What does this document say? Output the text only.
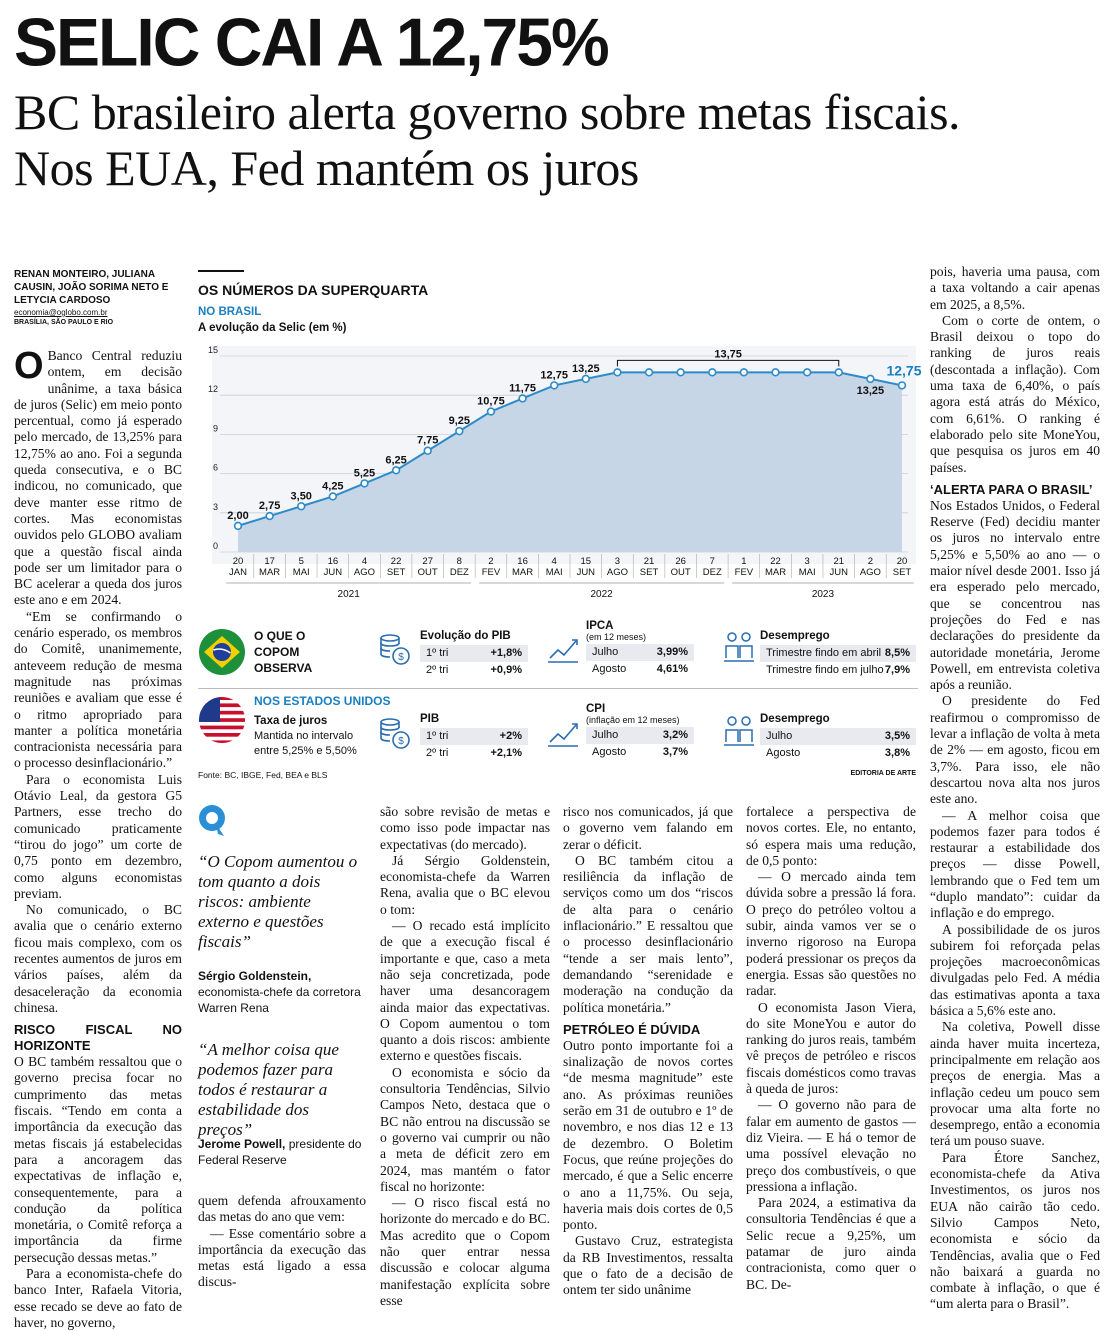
SELIC CAI A 12,75%
BC brasileiro alerta governo sobre metas fiscais. Nos EUA, Fed mantém os juros
RENAN MONTEIRO, JULIANA CAUSIN, JOÃO SORIMA NETO E LETYCIA CARDOSO
economia@oglobo.com.br
BRASÍLIA, SÃO PAULO E RIO

O Banco Central reduziu ontem, em decisão unânime, a taxa básica de juros (Selic) em meio ponto percentual, como já esperado pelo mercado, de 13,25% para 12,75% ao ano. Foi a segunda queda consecutiva, e o BC indicou, no comunicado, que deve manter esse ritmo de cortes. Mas economistas ouvidos pelo GLOBO avaliam que a questão fiscal ainda pode ser um limitador para o BC acelerar a queda dos juros este ano e em 2024.

“Em se confirmando o cenário esperado, os membros do Comitê, unanimemente, anteveem redução de mesma magnitude nas próximas reuniões e avaliam que esse é o ritmo apropriado para manter a política monetária contracionista necessária para o processo desinflacionário.”

Para o economista Luis Otávio Leal, da gestora G5 Partners, esse trecho do comunicado praticamente “tirou do jogo” um corte de 0,75 ponto em dezembro, como alguns economistas previam.

No comunicado, o BC avalia que o cenário externo ficou mais complexo, com os recentes aumentos de juros em vários países, além da desaceleração da economia chinesa.

RISCO FISCAL NO HORIZONTE

O BC também ressaltou que o governo precisa focar no cumprimento das metas fiscais. “Tendo em conta a importância da execução das metas fiscais já estabelecidas para a ancoragem das expectativas de inflação e, consequentemente, para a condução da política monetária, o Comitê reforça a importância da firme persecução dessas metas.”

Para a economista-chefe do banco Inter, Rafaela Vitoria, esse recado se deve ao fato de haver, no governo,

OS NÚMEROS DA SUPERQUARTA
NO BRASIL
A evolução da Selic (em %)
0
3
6
9
12
15
2,00
2,75
3,50
4,25
5,25
6,25
7,75
9,25
10,75
11,75
12,75
13,25
13,25
12,75
13,75
20
JAN
17
MAR
5
MAI
16
JUN
4
AGO
22
SET
27
OUT
8
DEZ
2
FEV
16
MAR
4
MAI
15
JUN
3
AGO
21
SET
26
OUT
7
DEZ
1
FEV
22
MAR
3
MAI
21
JUN
2
AGO
20
SET
2021	2022	2023
O QUE O COPOM OBSERVA
$
Evolução do PIB
1º tri	+1,8%
2º tri	+0,9%
IPCA
(em 12 meses)
Julho	3,99%
Agosto	4,61%
Desemprego
Trimestre findo em abril 8,5%
Trimestre findo em julho 7,9%
NOS ESTADOS UNIDOS
Taxa de juros
Mantida no intervalo
entre 5,25% e 5,50%
$
PIB
1º tri	+2%
2º tri	+2,1%
CPI
(inflação em 12 meses)
Julho	3,2%
Agosto	3,7%
Desemprego
Julho	3,5%
Agosto	3,8%
Fonte: BC, IBGE, Fed, BEA e BLS	EDITORIA DE ARTE
“O Copom aumentou o tom quanto a dois riscos: ambiente externo e questões fiscais”
Sérgio Goldenstein,
economista-chefe da corretora Warren Rena
“A melhor coisa que podemos fazer para todos é restaurar a estabilidade dos preços”
Jerome Powell, presidente do Federal Reserve

quem defenda afrouxamento das metas do ano que vem:

— Esse comentário sobre a importância da execução das metas está ligado a essa discus-

são sobre revisão de metas e como isso pode impactar nas expectativas (do mercado).

Já Sérgio Goldenstein, economista-chefe da Warren Rena, avalia que o BC elevou o tom:

— O recado está implícito de que a execução fiscal é importante e que, caso a meta não seja concretizada, pode haver uma desancoragem ainda maior das expectativas. O Copom aumentou o tom quanto a dois riscos: ambiente externo e questões fiscais.

O economista e sócio da consultoria Tendências, Silvio Campos Neto, destaca que o BC não entrou na discussão se o governo vai cumprir ou não a meta de déficit zero em 2024, mas mantém o fator fiscal no horizonte:

— O risco fiscal está no horizonte do mercado e do BC. Mas acredito que o Copom não quer entrar nessa discussão e colocar alguma manifestação explícita sobre esse

risco nos comunicados, já que o governo vem falando em zerar o déficit.

O BC também citou a resiliência da inflação de serviços como um dos “riscos de alta para o cenário inflacionário.” E ressaltou que o processo desinflacionário “tende a ser mais lento”, demandando “serenidade e moderação na condução da política monetária.”

PETRÓLEO É DÚVIDA

Outro ponto importante foi a sinalização de novos cortes “de mesma magnitude” este ano. As próximas reuniões serão em 31 de outubro e 1º de novembro, e nos dias 12 e 13 de dezembro. O Boletim Focus, que reúne projeções do mercado, é que a Selic encerre o ano a 11,75%. Ou seja, haveria mais dois cortes de 0,5 ponto.

Gustavo Cruz, estrategista da RB Investimentos, ressalta que o fato de a decisão de ontem ter sido unânime

fortalece a perspectiva de novos cortes. Ele, no entanto, só espera mais uma redução, de 0,5 ponto:

— O mercado ainda tem dúvida sobre a pressão lá fora. O preço do petróleo voltou a subir, ainda vamos ver se o inverno rigoroso na Europa poderá pressionar os preços da energia. Essas são questões no radar.

O economista Jason Viera, do site MoneYou e autor do ranking do juros reais, também vê preços de petróleo e riscos fiscais domésticos como travas à queda de juros:

— O governo não para de falar em aumento de gastos — diz Vieira. — E há o temor de uma possível elevação no preço dos combustíveis, o que pressiona a inflação.

Para 2024, a estimativa da consultoria Tendências é que a Selic recue a 9,25%, um patamar de juro ainda contracionista, como quer o BC. De-

pois, haveria uma pausa, com a taxa voltando a cair apenas em 2025, a 8,5%.

Com o corte de ontem, o Brasil deixou o topo do ranking de juros reais (descontada a inflação). Com uma taxa de 6,40%, o país agora está atrás do México, com 6,61%. O ranking é elaborado pelo site MoneYou, que pesquisa os juros em 40 países.

‘ALERTA PARA O BRASIL’

Nos Estados Unidos, o Federal Reserve (Fed) decidiu manter os juros no intervalo entre 5,25% e 5,50% ao ano — o maior nível desde 2001. Isso já era esperado pelo mercado, que se concentrou nas projeções do Fed e nas declarações do presidente da autoridade monetária, Jerome Powell, em entrevista coletiva após a reunião.

O presidente do Fed reafirmou o compromisso de levar a inflação de volta à meta de 2% — em agosto, ficou em 3,7%. Para isso, ele não descartou nova alta nos juros este ano.

— A melhor coisa que podemos fazer para todos é restaurar a estabilidade dos preços — disse Powell, lembrando que o Fed tem um “duplo mandato”: cuidar da inflação e do emprego.

A possibilidade de os juros subirem foi reforçada pelas projeções macroeconômicas divulgadas pelo Fed. A média das estimativas aponta a taxa básica a 5,6% este ano.

Na coletiva, Powell disse ainda haver muita incerteza, principalmente em relação aos preços de energia. Mas a inflação cedeu um pouco sem provocar uma alta forte no desemprego, então a economia terá um pouso suave.

Para Étore Sanchez, economista-chefe da Ativa Investimentos, os juros nos EUA não cairão tão cedo. Silvio Campos Neto, economista e sócio da Tendências, avalia que o Fed não baixará a guarda no combate à inflação, o que é “um alerta para o Brasil”.
